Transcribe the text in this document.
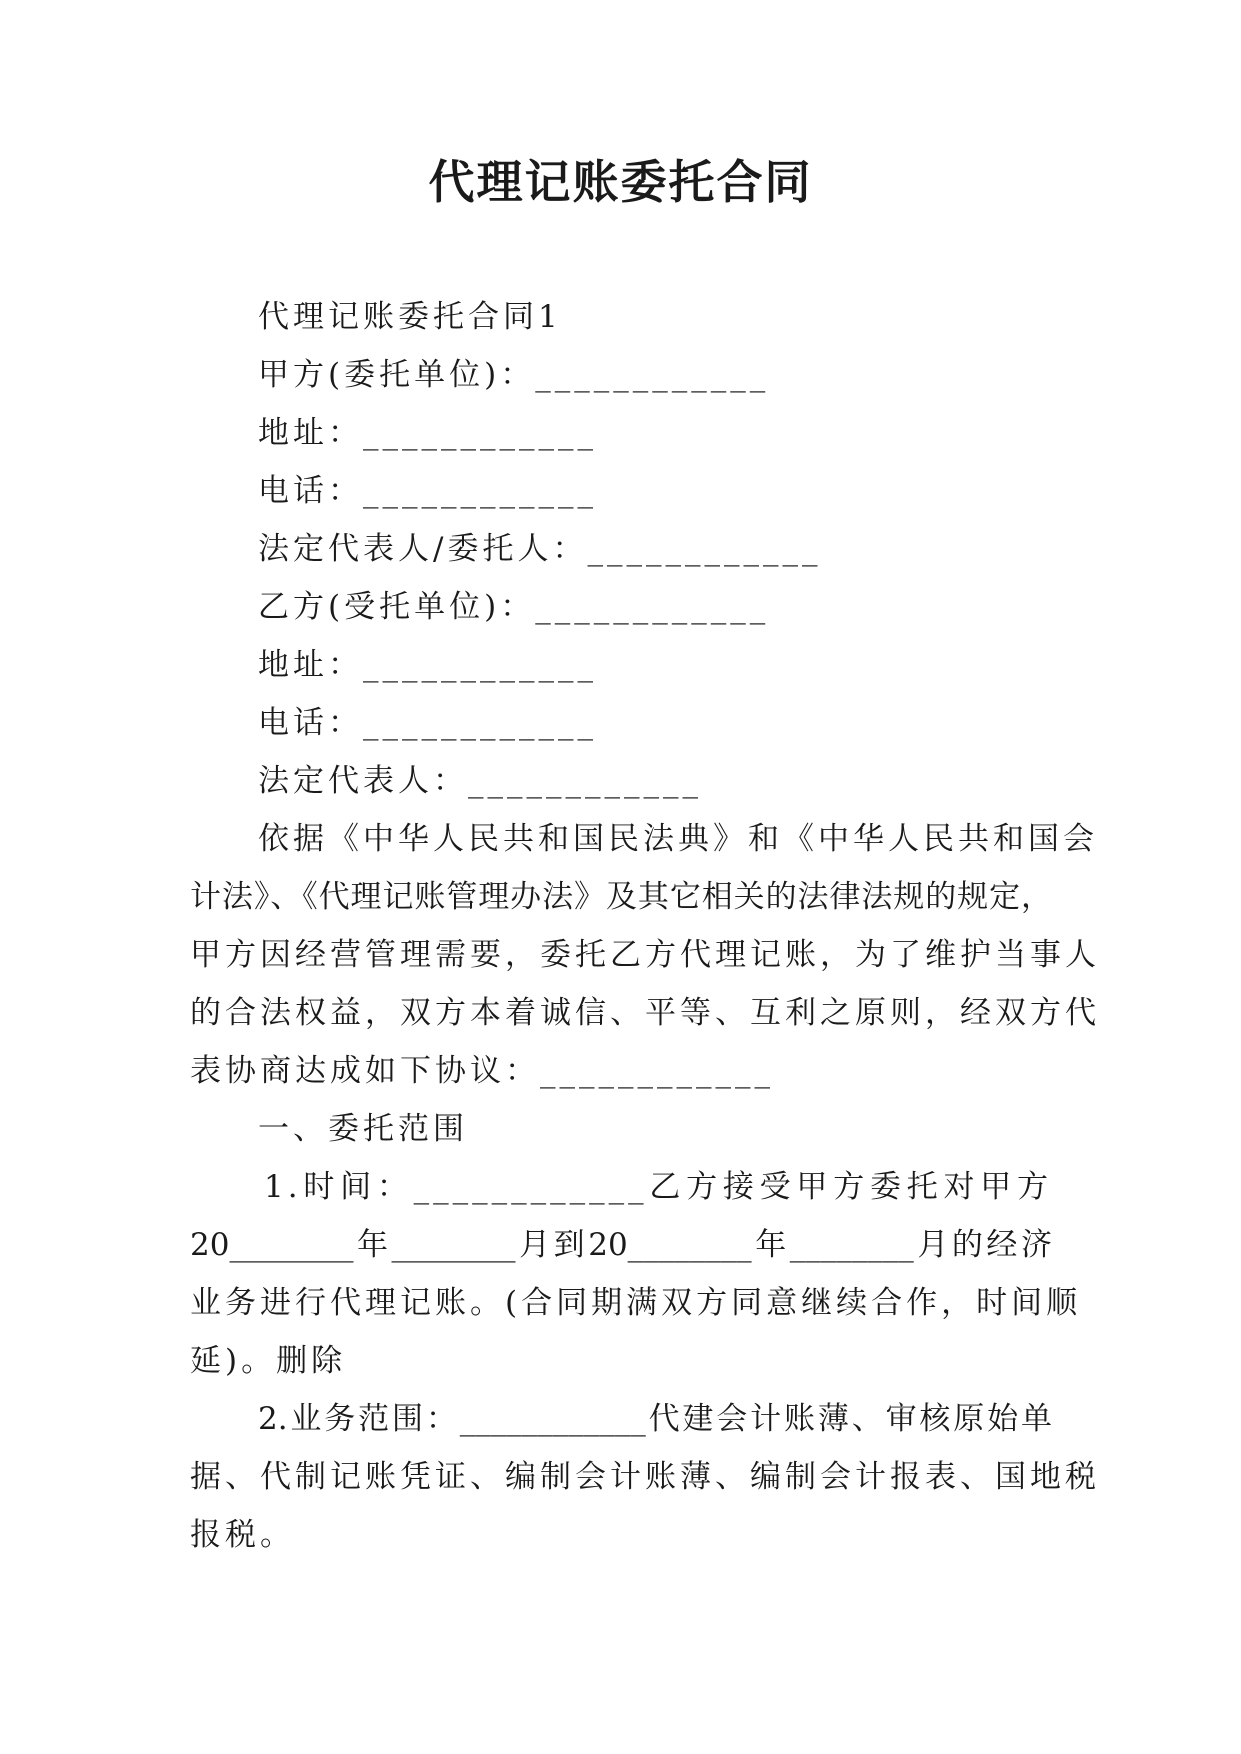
代理记账委托合同
代理记账委托合同1
甲方(委托单位)：____________
地址：____________
电话：____________
法定代表人/委托人：____________
乙方(受托单位)：____________
地址：____________
电话：____________
法定代表人：____________
依据《中华人民共和国民法典》和《中华人民共和国会
计法》、《代理记账管理办法》及其它相关的法律法规的规定，
甲方因经营管理需要，委托乙方代理记账，为了维护当事人
的合法权益，双方本着诚信、平等、互利之原则，经双方代
表协商达成如下协议：____________
一、委托范围
1.时间：____________乙方接受甲方委托对甲方
20________年________月到20________年________月的经济
业务进行代理记账。(合同期满双方同意继续合作，时间顺
延)。删除
2.业务范围：____________代建会计账薄、审核原始单
据、代制记账凭证、编制会计账薄、编制会计报表、国地税
报税。
